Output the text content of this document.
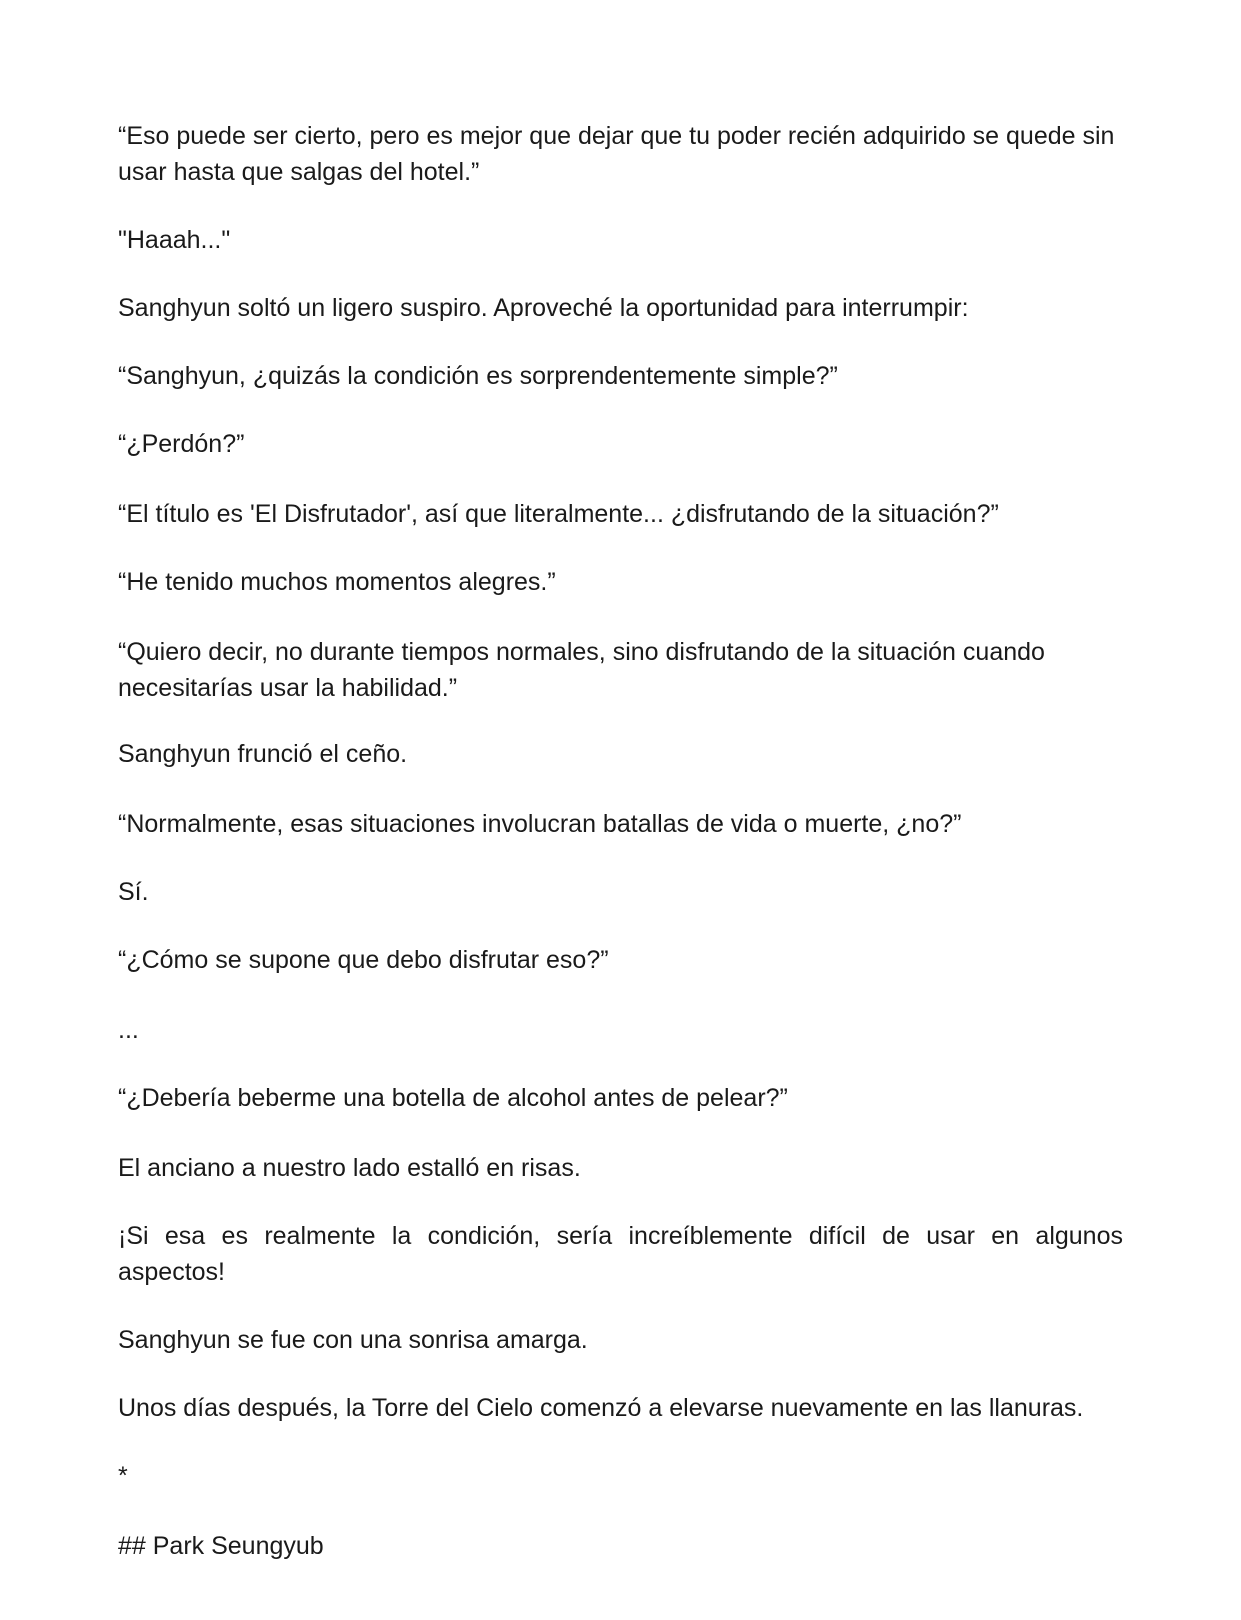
“Eso puede ser cierto, pero es mejor que dejar que tu poder recién adquirido se quede sin usar hasta que salgas del hotel.”

"Haaah..."

Sanghyun soltó un ligero suspiro. Aproveché la oportunidad para interrumpir:

“Sanghyun, ¿quizás la condición es sorprendentemente simple?”

“¿Perdón?”

“El título es 'El Disfrutador', así que literalmente... ¿disfrutando de la situación?”

“He tenido muchos momentos alegres.”

“Quiero decir, no durante tiempos normales, sino disfrutando de la situación cuando necesitarías usar la habilidad.”

Sanghyun frunció el ceño.

“Normalmente, esas situaciones involucran batallas de vida o muerte, ¿no?”

Sí.

“¿Cómo se supone que debo disfrutar eso?”

...

“¿Debería beberme una botella de alcohol antes de pelear?”

El anciano a nuestro lado estalló en risas.

¡Si esa es realmente la condición, sería increíblemente difícil de usar en algunos aspectos!

Sanghyun se fue con una sonrisa amarga.

Unos días después, la Torre del Cielo comenzó a elevarse nuevamente en las llanuras.

*

## Park Seungyub
